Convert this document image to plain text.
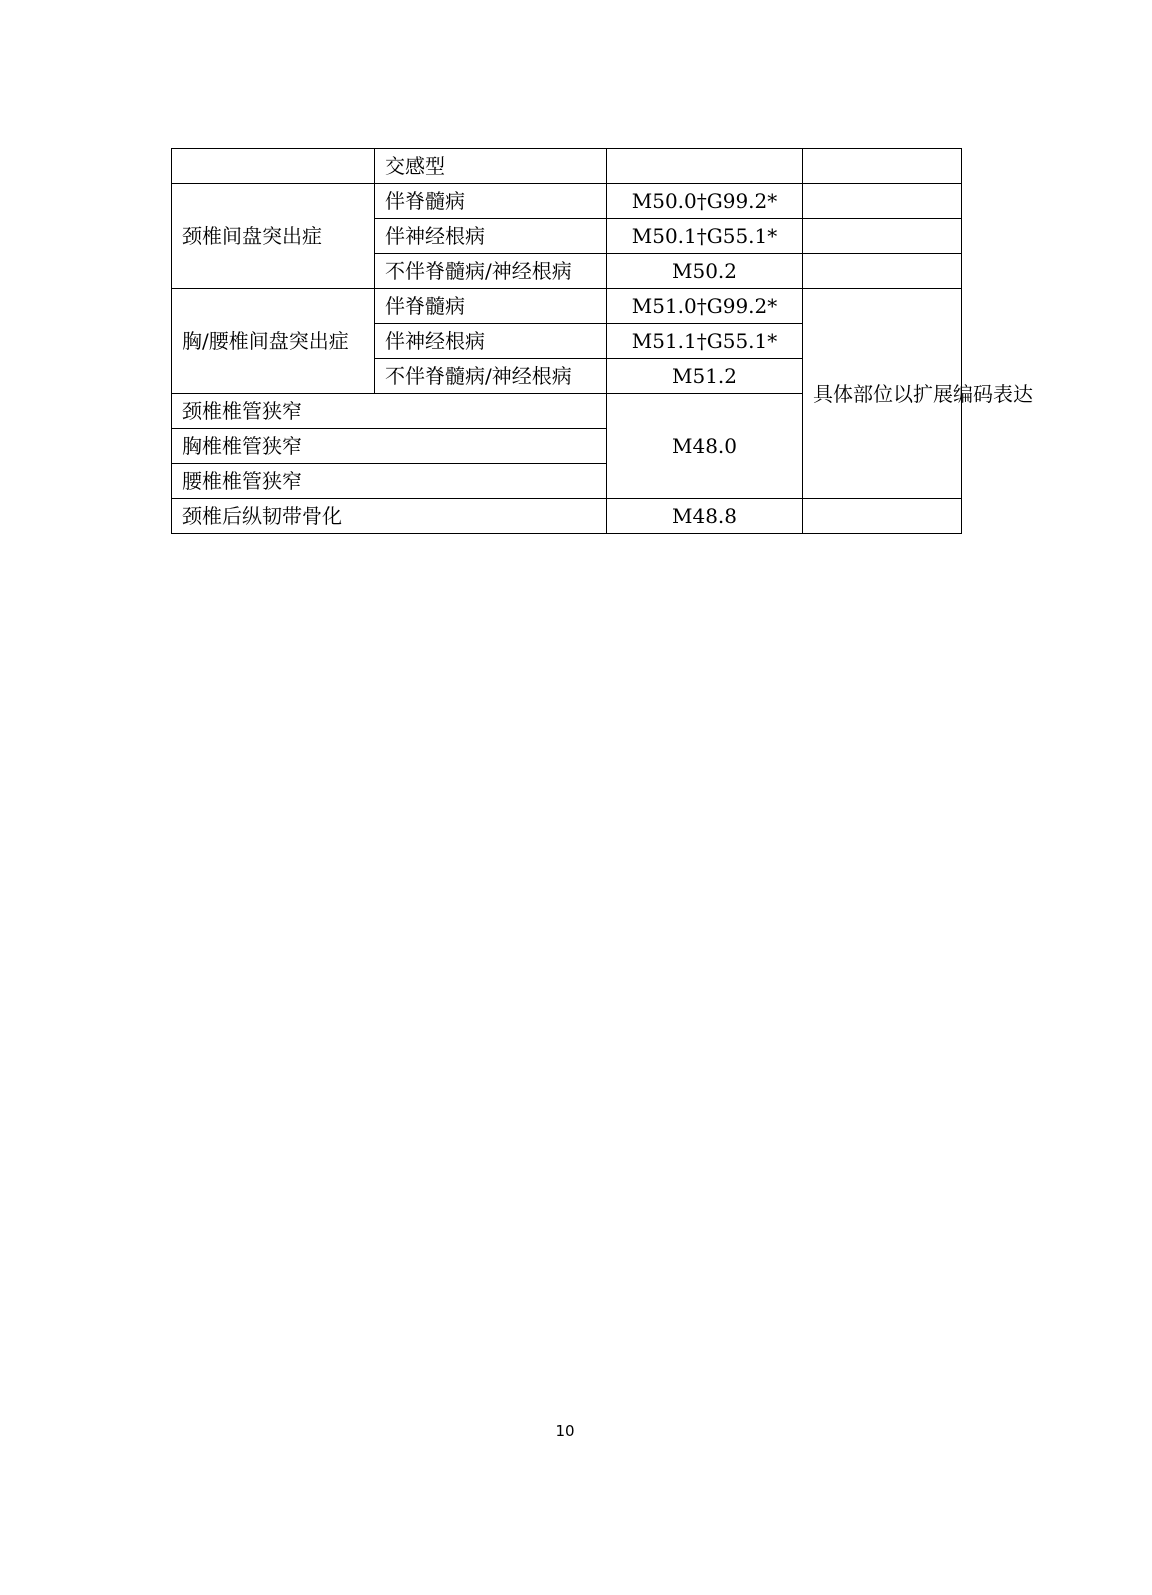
	交感型		
颈椎间盘突出症	伴脊髓病	M50.0†G99.2*	
	伴神经根病	M50.1†G55.1*	
	不伴脊髓病/神经根病	M50.2	
胸/腰椎间盘突出症	伴脊髓病	M51.0†G99.2*	具体部位以扩展编码表达
	伴神经根病	M51.1†G55.1*	
	不伴脊髓病/神经根病	M51.2	
颈椎椎管狭窄		M48.0	
胸椎椎管狭窄			
腰椎椎管狭窄			
颈椎后纵韧带骨化		M48.8	
10
